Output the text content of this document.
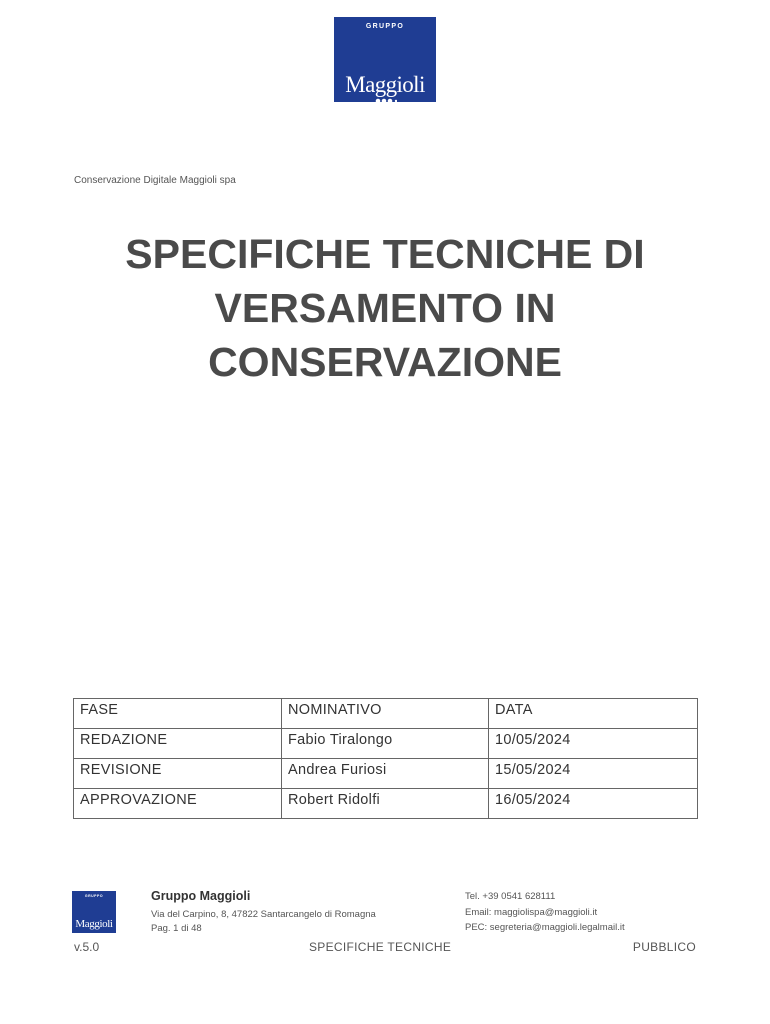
GRUPPO
Maggioli
Conservazione Digitale Maggioli spa
SPECIFICHE TECNICHE DI
VERSAMENTO IN
CONSERVAZIONE
FASE	NOMINATIVO	DATA
REDAZIONE	Fabio Tiralongo	10/05/2024
REVISIONE	Andrea Furiosi	15/05/2024
APPROVAZIONE	Robert Ridolfi	16/05/2024
GRUPPO
Maggioli
Gruppo Maggioli
Via del Carpino, 8, 47822 Santarcangelo di Romagna
Pag. 1 di 48
Tel. +39 0541 628111
Email: maggiolispa@maggioli.it
PEC: segreteria@maggioli.legalmail.it
v.5.0	SPECIFICHE TECNICHE	PUBBLICO
